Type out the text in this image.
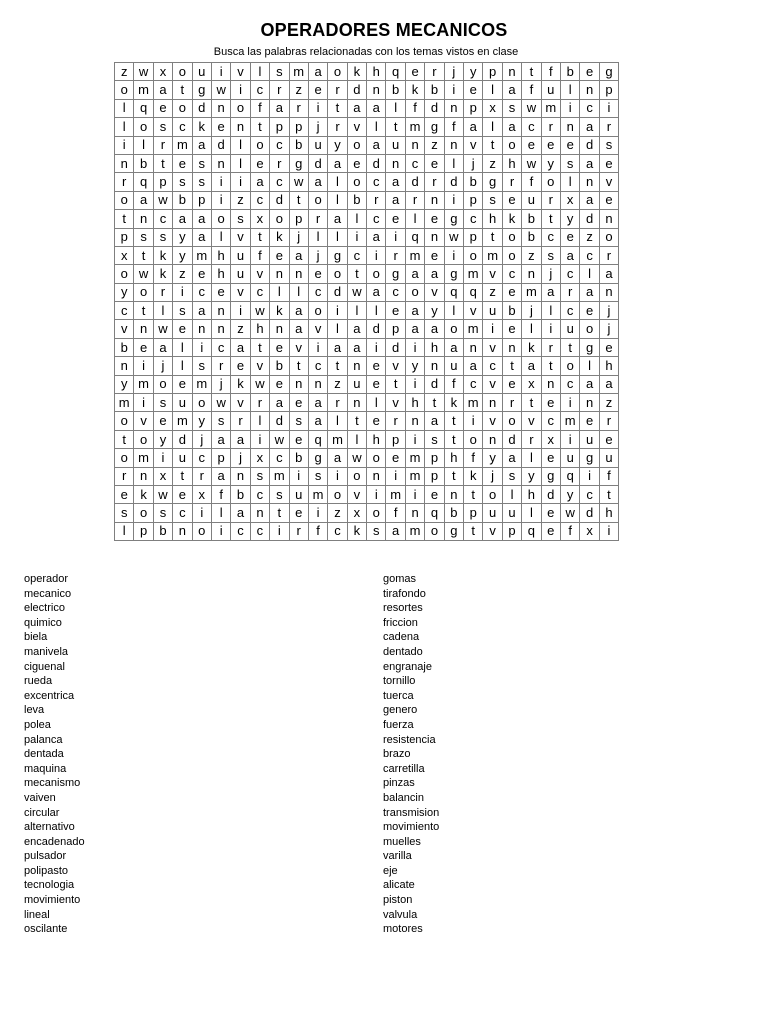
OPERADORES MECANICOS
Busca las palabras relacionadas con los temas vistos en clase
z	w	x	o	u	i	v	l	s	m	a	o	k	h	q	e	r	j	y	p	n	t	f	b	e	g
o	m	a	t	g	w	i	c	r	z	e	r	d	n	b	k	b	i	e	l	a	f	u	l	n	p
l	q	e	o	d	n	o	f	a	r	i	t	a	a	l	f	d	n	p	x	s	w	m	i	c	i
l	o	s	c	k	e	n	t	p	p	j	r	v	l	t	m	g	f	a	l	a	c	r	n	a	r
i	l	r	m	a	d	l	o	c	b	u	y	o	a	u	n	z	n	v	t	o	e	e	e	d	s
n	b	t	e	s	n	l	e	r	g	d	a	e	d	n	c	e	l	j	z	h	w	y	s	a	e
r	q	p	s	s	i	i	a	c	w	a	l	o	c	a	d	r	d	b	g	r	f	o	l	n	v
o	a	w	b	p	i	z	c	d	t	o	l	b	r	a	r	n	i	p	s	e	u	r	x	a	e
t	n	c	a	a	o	s	x	o	p	r	a	l	c	e	l	e	g	c	h	k	b	t	y	d	n
p	s	s	y	a	l	v	t	k	j	l	l	i	a	i	q	n	w	p	t	o	b	c	e	z	o
x	t	k	y	m	h	u	f	e	a	j	g	c	i	r	m	e	i	o	m	o	z	s	a	c	r
o	w	k	z	e	h	u	v	n	n	e	o	t	o	g	a	a	g	m	v	c	n	j	c	l	a
y	o	r	i	c	e	v	c	l	l	c	d	w	a	c	o	v	q	q	z	e	m	a	r	a	n
c	t	l	s	a	n	i	w	k	a	o	i	l	l	e	a	y	l	v	u	b	j	l	c	e	j
v	n	w	e	n	n	z	h	n	a	v	l	a	d	p	a	a	o	m	i	e	l	i	u	o	j
b	e	a	l	i	c	a	t	e	v	i	a	a	i	d	i	h	a	n	v	n	k	r	t	g	e
n	i	j	l	s	r	e	v	b	t	c	t	n	e	v	y	n	u	a	c	t	a	t	o	l	h
y	m	o	e	m	j	k	w	e	n	n	z	u	e	t	i	d	f	c	v	e	x	n	c	a	a
m	i	s	u	o	w	v	r	a	e	a	r	n	l	v	h	t	k	m	n	r	t	e	i	n	z
o	v	e	m	y	s	r	l	d	s	a	l	t	e	r	n	a	t	i	v	o	v	c	m	e	r
t	o	y	d	j	a	a	i	w	e	q	m	l	h	p	i	s	t	o	n	d	r	x	i	u	e
o	m	i	u	c	p	j	x	c	b	g	a	w	o	e	m	p	h	f	y	a	l	e	u	g	u
r	n	x	t	r	a	n	s	m	i	s	i	o	n	i	m	p	t	k	j	s	y	g	q	i	f
e	k	w	e	x	f	b	c	s	u	m	o	v	i	m	i	e	n	t	o	l	h	d	y	c	t
s	o	s	c	i	l	a	n	t	e	i	z	x	o	f	n	q	b	p	u	u	l	e	w	d	h
l	p	b	n	o	i	c	c	i	r	f	c	k	s	a	m	o	g	t	v	p	q	e	f	x	i
operador
mecanico
electrico
quimico
biela
manivela
ciguenal
rueda
excentrica
leva
polea
palanca
dentada
maquina
mecanismo
vaiven
circular
alternativo
encadenado
pulsador
polipasto
tecnologia
movimiento
lineal
oscilante
gomas
tirafondo
resortes
friccion
cadena
dentado
engranaje
tornillo
tuerca
genero
fuerza
resistencia
brazo
carretilla
pinzas
balancin
transmision
movimiento
muelles
varilla
eje
alicate
piston
valvula
motores
